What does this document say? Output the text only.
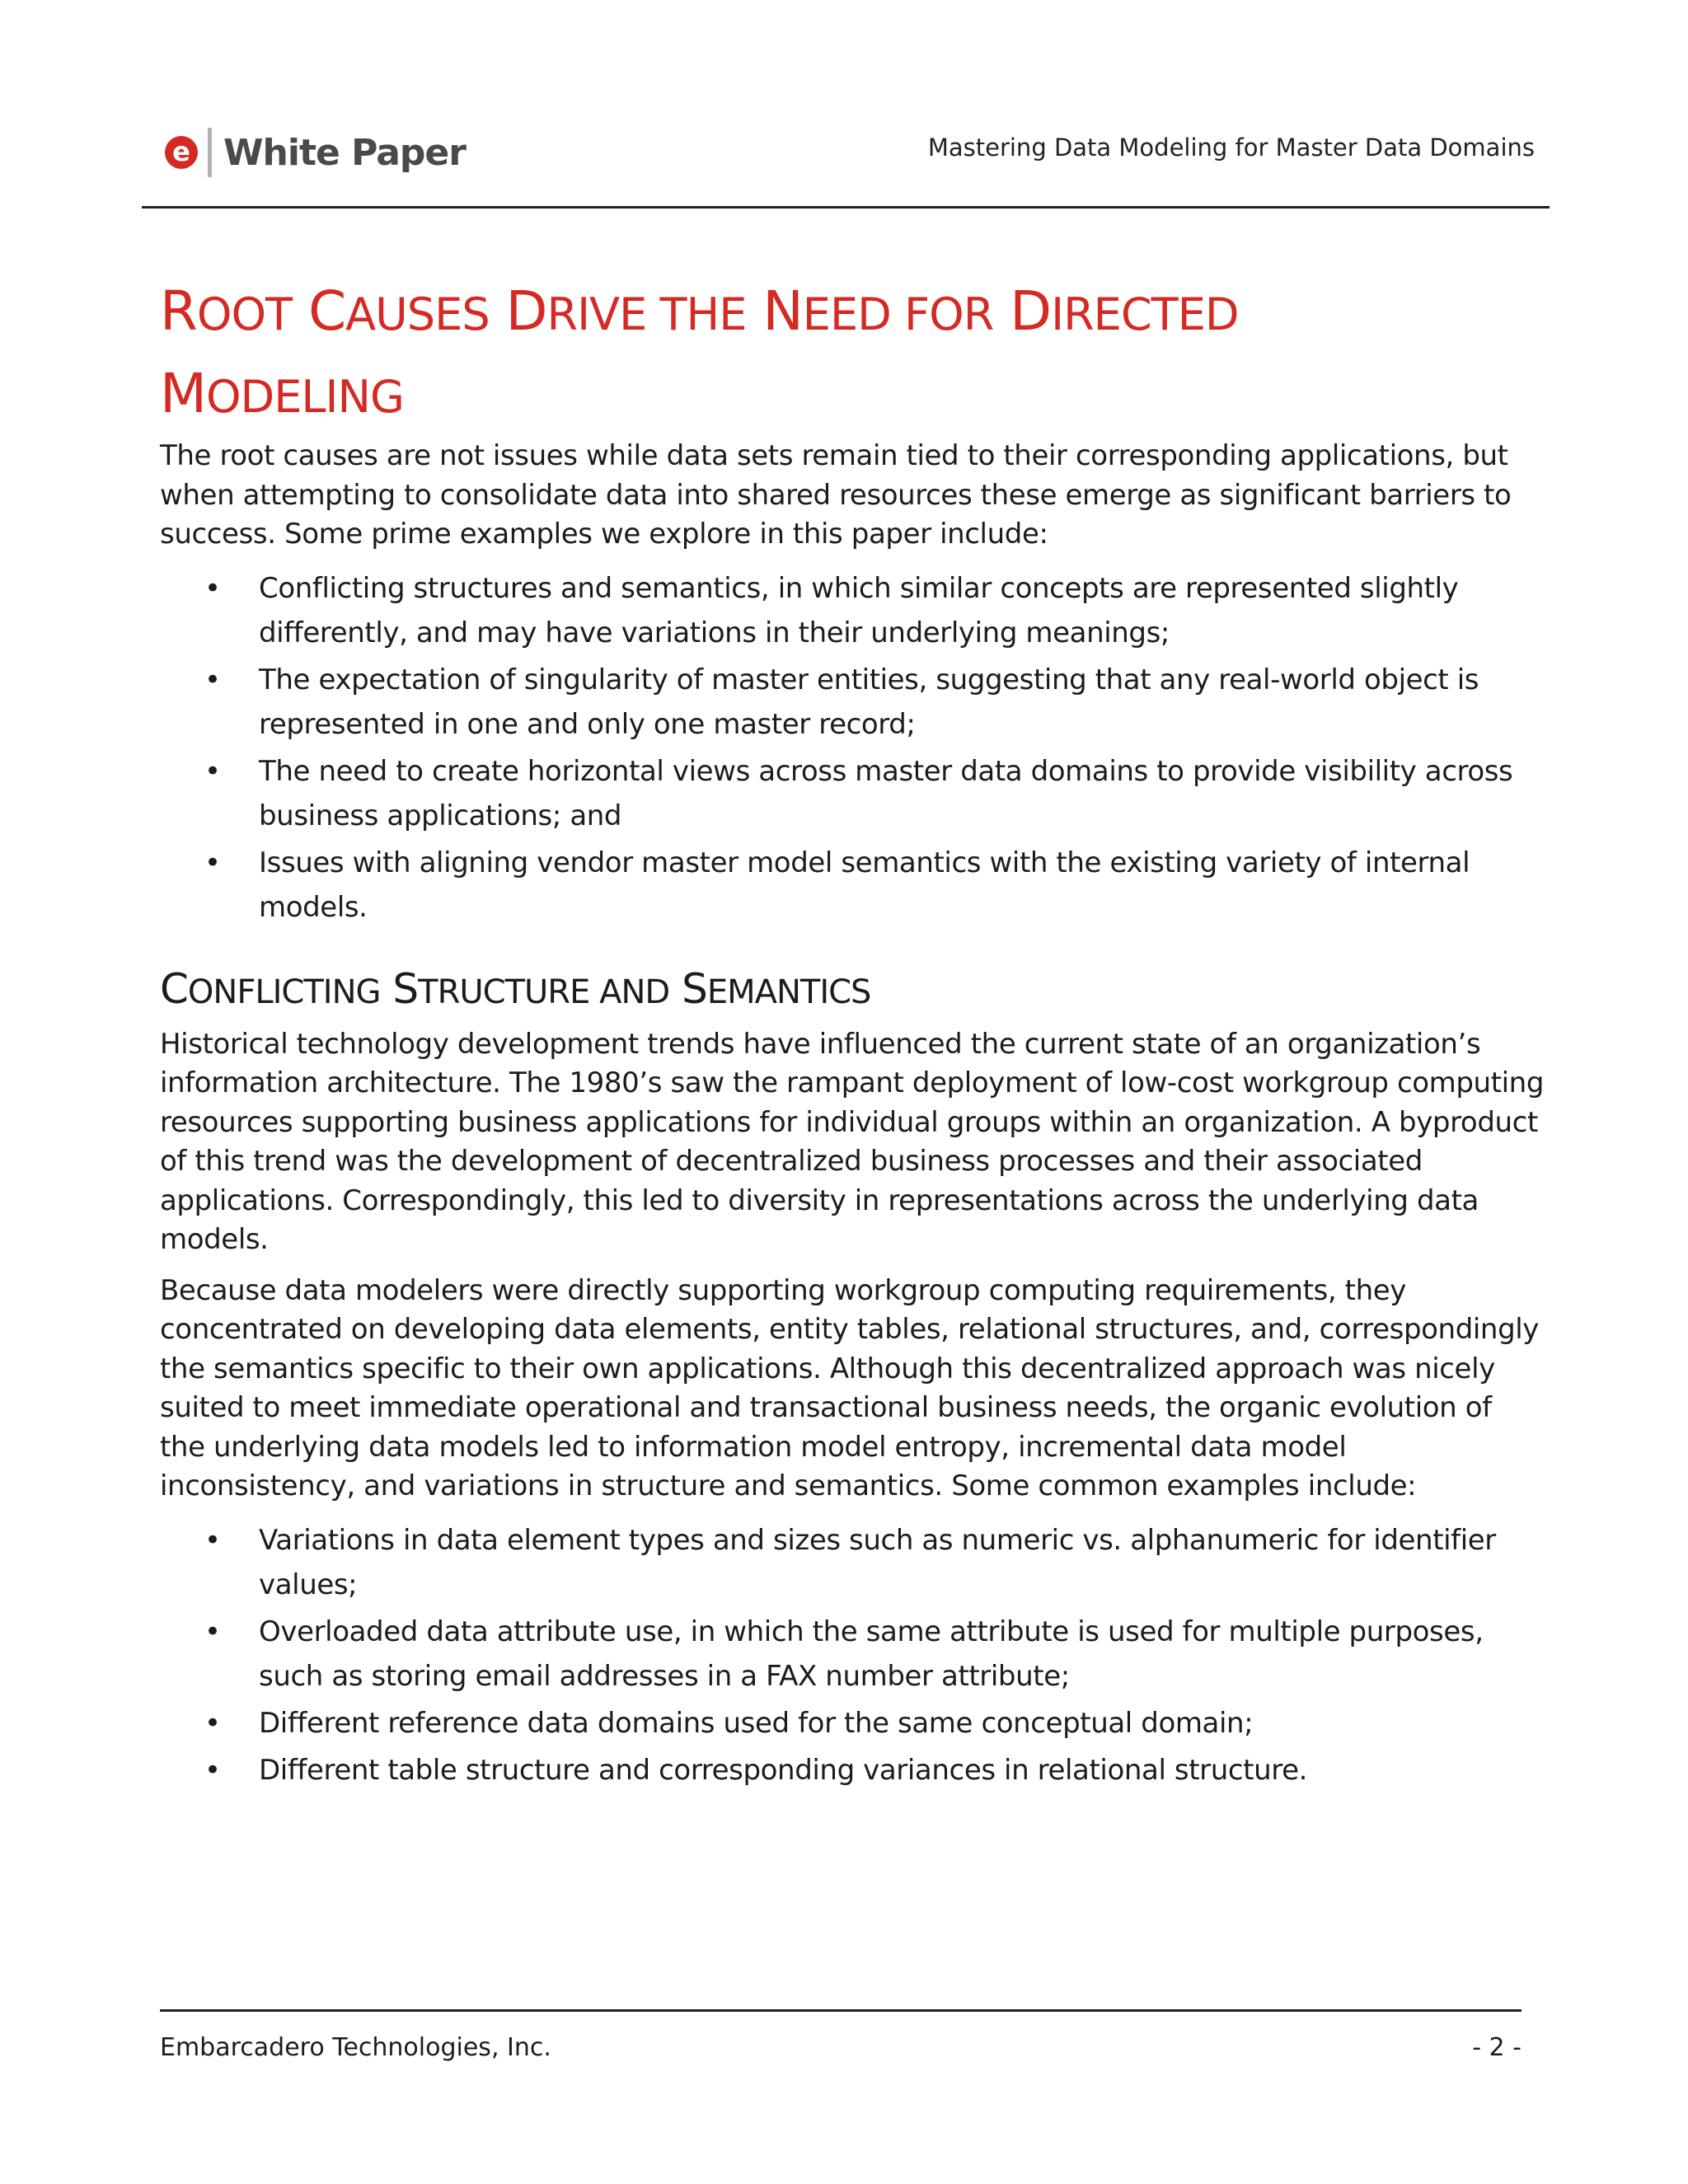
e White Paper	Mastering Data Modeling for Master Data Domains
ROOT CAUSES DRIVE THE NEED FOR DIRECTED
MODELING

The root causes are not issues while data sets remain tied to their corresponding applications, but when attempting to consolidate data into shared resources these emerge as significant barriers to success. Some prime examples we explore in this paper include:

• Conflicting structures and semantics, in which similar concepts are represented slightly differently, and may have variations in their underlying meanings;
• The expectation of singularity of master entities, suggesting that any real-world object is represented in one and only one master record;
• The need to create horizontal views across master data domains to provide visibility across business applications; and
• Issues with aligning vendor master model semantics with the existing variety of internal models.
CONFLICTING STRUCTURE AND SEMANTICS

Historical technology development trends have influenced the current state of an organization’s information architecture. The 1980’s saw the rampant deployment of low-cost workgroup computing resources supporting business applications for individual groups within an organization. A byproduct of this trend was the development of decentralized business processes and their associated applications. Correspondingly, this led to diversity in representations across the underlying data models.

Because data modelers were directly supporting workgroup computing requirements, they concentrated on developing data elements, entity tables, relational structures, and, correspondingly the semantics specific to their own applications. Although this decentralized approach was nicely suited to meet immediate operational and transactional business needs, the organic evolution of the underlying data models led to information model entropy, incremental data model inconsistency, and variations in structure and semantics. Some common examples include:

• Variations in data element types and sizes such as numeric vs. alphanumeric for identifier values;
• Overloaded data attribute use, in which the same attribute is used for multiple purposes, such as storing email addresses in a FAX number attribute;
• Different reference data domains used for the same conceptual domain;
• Different table structure and corresponding variances in relational structure.
Embarcadero Technologies, Inc.	- 2 -
